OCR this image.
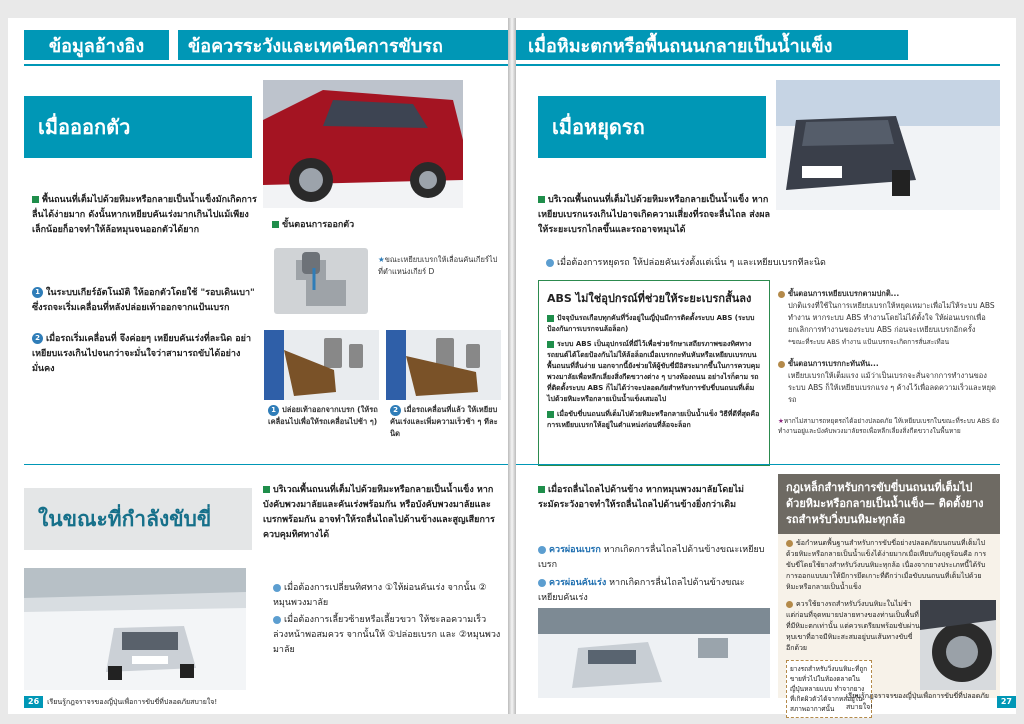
ข้อมูลอ้างอิง	ข้อควรระวังและเทคนิคการขับรถ
เมื่อออกตัว
พื้นถนนที่เต็มไปด้วยหิมะหรือกลายเป็นน้ำแข็งมักเกิดการลื่นได้ง่ายมาก ดังนั้นหากเหยียบคันเร่งมากเกินไปแม้เพียงเล็กน้อยก็อาจทำให้ล้อหมุนจนออกตัวได้ยาก	ขั้นตอนการออกตัว
★ขณะเหยียบเบรกให้เลื่อนคันเกียร์ไปที่ตำแหน่งเกียร์ D
1 ในระบบเกียร์อัตโนมัติ ให้ออกตัวโดยใช้ "รอบเดินเบา" ซึ่งรถจะเริ่มเคลื่อนที่หลังปล่อยเท้าออกจากแป้นเบรก
2 เมื่อรถเริ่มเคลื่อนที่ จึงค่อยๆ เหยียบคันเร่งที่ละนิด อย่าเหยียบแรงเกินไปจนกว่าจะมั่นใจว่าสามารถขับได้อย่างมั่นคง
1 ปล่อยเท้าออกจากเบรก (ให้รถเคลื่อนไปเพื่อให้รถเคลื่อนไปช้า ๆ)
2 เมื่อรถเคลื่อนที่แล้ว ให้เหยียบคันเร่งและเพิ่มความเร็วช้า ๆ ทีละนิด
ในขณะที่กำลังขับขี่
บริเวณพื้นถนนที่เต็มไปด้วยหิมะหรือกลายเป็นน้ำแข็ง หากบังคับพวงมาลัยและคันเร่งพร้อมกัน หรือบังคับพวงมาลัยและเบรกพร้อมกัน อาจทำให้รถลื่นไถลไปด้านข้างและสูญเสียการควบคุมทิศทางได้
เมื่อต้องการเปลี่ยนทิศทาง ①ให้ผ่อนคันเร่ง จากนั้น ② หมุนพวงมาลัย
เมื่อต้องการเลี้ยวซ้ายหรือเลี้ยวขวา ให้ชะลอความเร็วล่วงหน้าพอสมควร จากนั้นให้ ①ปล่อยเบรก และ ②หมุนพวงมาลัย
26	เรียนรู้กฎจราจรของญี่ปุ่นเพื่อการขับขี่ที่ปลอดภัยสบายใจ!
เมื่อหิมะตกหรือพื้นถนนกลายเป็นน้ำแข็ง
เมื่อหยุดรถ
บริเวณพื้นถนนที่เต็มไปด้วยหิมะหรือกลายเป็นน้ำแข็ง หากเหยียบเบรกแรงเกินไปอาจเกิดความเสี่ยงที่รถจะลื่นไถล ส่งผลให้ระยะเบรกไกลขึ้นและรถอาจหมุนได้
เมื่อต้องการหยุดรถ ให้ปล่อยคันเร่งตั้งแต่เนิ่น ๆ และเหยียบเบรกทีละนิด
ABS ไม่ใช่อุปกรณ์ที่ช่วยให้ระยะเบรกสั้นลง
ปัจจุบันรถเกือบทุกคันที่วิ่งอยู่ในญี่ปุ่นมีการติดตั้งระบบ ABS (ระบบป้องกันการเบรกจนล้อล็อก)
ระบบ ABS เป็นอุปกรณ์ที่มีไว้เพื่อช่วยรักษาเสถียรภาพของทิศทางรถยนต์ได้โดยป้องกันไม่ให้ล้อล็อกเมื่อเบรกกะทันหันหรือเหยียบเบรกบนพื้นถนนที่ลื่นง่าย นอกจากนี้ยังช่วยให้ผู้ขับขี่มีอิสระมากขึ้นในการควบคุมพวงมาลัยเพื่อหลีกเลี่ยงสิ่งกีดขวางต่าง ๆ บางท้องถนน อย่างไรก็ตาม รถที่ติดตั้งระบบ ABS ก็ไม่ได้ว่าจะปลอดภัยสำหรับการขับขี่บนถนนที่เต็มไปด้วยหิมะหรือกลายเป็นน้ำแข็งเสมอไป
เมื่อขับขี่บนถนนที่เต็มไปด้วยหิมะหรือกลายเป็นน้ำแข็ง วิธีที่ดีที่สุดคือการเหยียบเบรกให้อยู่ในตำแหน่งก่อนที่ล้อจะล็อก
ขั้นตอนการเหยียบเบรกตามปกติ...
ปกติแรงที่ใช้ในการเหยียบเบรกให้หยุดเหมาะเพื่อไม่ให้ระบบ ABS ทำงาน หากระบบ ABS ทำงานโดยไม่ได้ตั้งใจ ให้ผ่อนเบรกเพื่อยกเลิกการทำงานของระบบ ABS ก่อนจะเหยียบเบรกอีกครั้ง
*ขณะที่ระบบ ABS ทำงาน แป้นเบรกจะเกิดการสั่นสะเทือน
ขั้นตอนการเบรกกะทันหัน...
เหยียบเบรกให้เต็มแรง แม้ว่าเป็นเบรกจะสั่นจากการทำงานของระบบ ABS ก็ให้เหยียบเบรกแรง ๆ ค้างไว้เพื่อลดความเร็วและหยุดรถ
★หากไม่สามารถหยุดรถได้อย่างปลอดภัย ให้เหยียบเบรกในขณะที่ระบบ ABS ยังทำงานอยู่และบังคับพวงมาลัยรถเพื่อหลีกเลี่ยงสิ่งกีดขวางในพื้นหาย
เมื่อรถลื่นไถลไปด้านข้าง หากหมุนพวงมาลัยโดยไม่ระมัดระวังอาจทำให้รถลื่นไถลไปด้านข้างยิ่งกว่าเดิม
ควรผ่อนเบรก หากเกิดการลื่นไถลไปด้านข้างขณะเหยียบเบรก
ควรผ่อนคันเร่ง หากเกิดการลื่นไถลไปด้านข้างขณะเหยียบคันเร่ง
กฎเหล็กสำหรับการขับขี่บนถนนที่เต็มไปด้วยหิมะหรือกลายเป็นน้ำแข็ง— ติดตั้งยางรถสำหรับวิ่งบนหิมะทุกล้อ
ข้อกำหนดพื้นฐานสำหรับการขับขี่อย่างปลอดภัยบนถนนที่เต็มไปด้วยหิมะหรือกลายเป็นน้ำแข็งได้ง่ายมากเมื่อเทียบกับฤดูร้อนคือ การขับขี่โดยใช้ยางสำหรับวิ่งบนหิมะทุกล้อ เนื่องจากยางประเภทนี้ได้รับการออกแบบมาให้มีการยึดเกาะที่ดีกว่าเมื่อขับบนถนนที่เต็มไปด้วยหิมะหรือกลายเป็นน้ำแข็ง
ควรใช้ยางรถสำหรับวิ่งบนหิมะในไม่ช้าแต่ก่อนที่จุดหมายปลายทางของท่านเป็นพื้นที่ที่มีหิมะตกเท่านั้น แต่ควรเตรียมพร้อมขับผ่านหุบเขาที่อาจมีหิมะสะสมอยู่บนเส้นทางขับขี่อีกด้วย
ยางรถสำหรับวิ่งบนหิมะที่ถูกขายทั่วไปในท้องตลาดในญี่ปุ่นหลายแบบ ทำจากยางที่เกิดผิวตัวได้จากหล่อยูในสภาพอากาศนั้น
เรียนรู้กฎจราจรของญี่ปุ่นเพื่อการขับขี่ที่ปลอดภัยสบายใจ!
27
